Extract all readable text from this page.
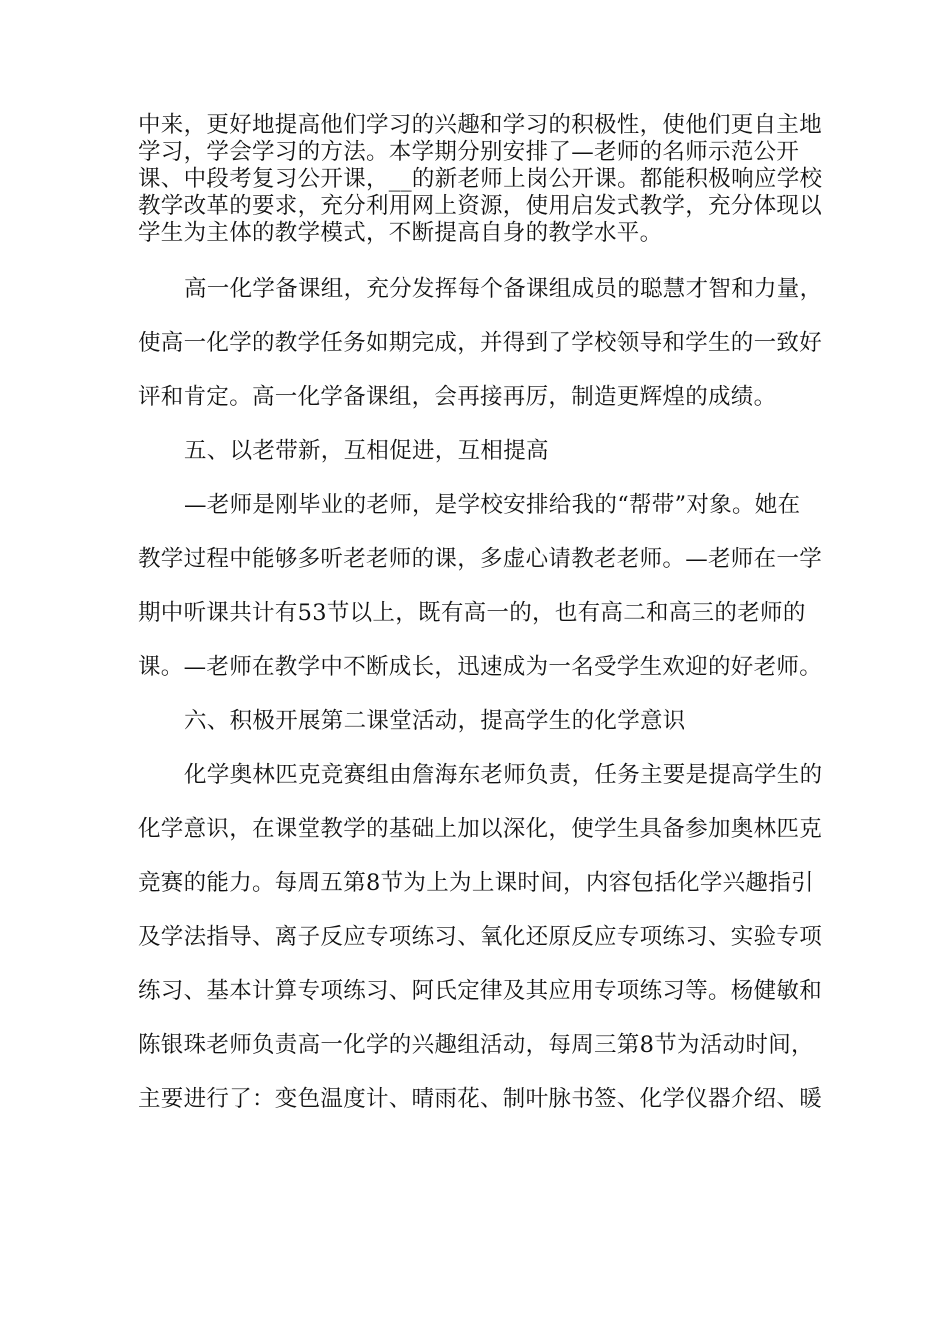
中来，更好地提高他们学习的兴趣和学习的积极性，使他们更自主地
学习，学会学习的方法。本学期分别安排了—老师的名师示范公开
课、中段考复习公开课，__的新老师上岗公开课。都能积极响应学校
教学改革的要求，充分利用网上资源，使用启发式教学，充分体现以
学生为主体的教学模式，不断提高自身的教学水平。
高一化学备课组，充分发挥每个备课组成员的聪慧才智和力量，
使高一化学的教学任务如期完成，并得到了学校领导和学生的一致好
评和肯定。高一化学备课组，会再接再厉，制造更辉煌的成绩。
五、以老带新，互相促进，互相提高
—老师是刚毕业的老师，是学校安排给我的“帮带”对象。她在
教学过程中能够多听老老师的课，多虚心请教老老师。—老师在一学
期中听课共计有53节以上，既有高一的，也有高二和高三的老师的
课。—老师在教学中不断成长，迅速成为一名受学生欢迎的好老师。
六、积极开展第二课堂活动，提高学生的化学意识
化学奥林匹克竞赛组由詹海东老师负责，任务主要是提高学生的
化学意识，在课堂教学的基础上加以深化，使学生具备参加奥林匹克
竞赛的能力。每周五第8节为上为上课时间，内容包括化学兴趣指引
及学法指导、离子反应专项练习、氧化还原反应专项练习、实验专项
练习、基本计算专项练习、阿氏定律及其应用专项练习等。杨健敏和
陈银珠老师负责高一化学的兴趣组活动，每周三第8节为活动时间，
主要进行了：变色温度计、晴雨花、制叶脉书签、化学仪器介绍、暖
